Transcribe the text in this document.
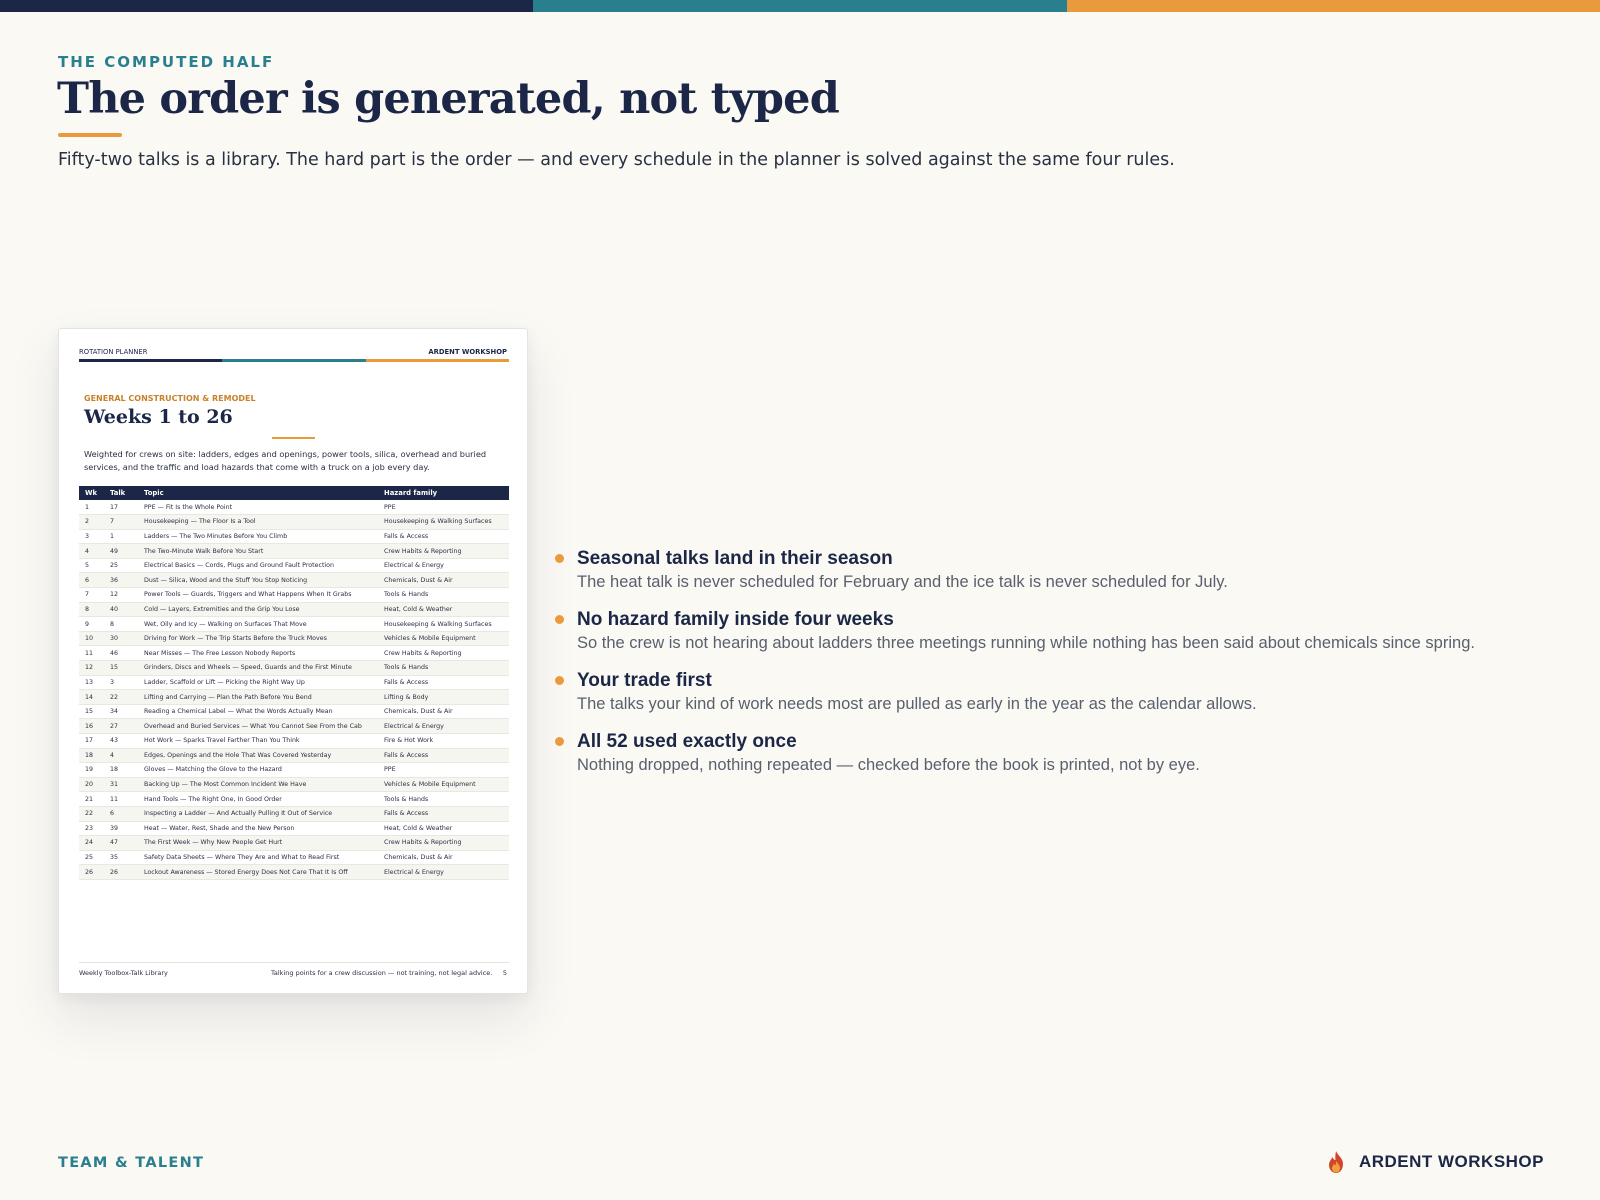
THE COMPUTED HALF
The order is generated, not typed
Fifty-two talks is a library. The hard part is the order — and every schedule in the planner is solved against the same four rules.
ROTATION PLANNER	ARDENT WORKSHOP
GENERAL CONSTRUCTION & REMODEL
Weeks 1 to 26
Weighted for crews on site: ladders, edges and openings, power tools, silica, overhead and buried services, and the traffic and load hazards that come with a truck on a job every day.
Wk	Talk	Topic	Hazard family
1	17	PPE — Fit Is the Whole Point	PPE
2	7	Housekeeping — The Floor Is a Tool	Housekeeping & Walking Surfaces
3	1	Ladders — The Two Minutes Before You Climb	Falls & Access
4	49	The Two-Minute Walk Before You Start	Crew Habits & Reporting
5	25	Electrical Basics — Cords, Plugs and Ground Fault Protection	Electrical & Energy
6	36	Dust — Silica, Wood and the Stuff You Stop Noticing	Chemicals, Dust & Air
7	12	Power Tools — Guards, Triggers and What Happens When It Grabs	Tools & Hands
8	40	Cold — Layers, Extremities and the Grip You Lose	Heat, Cold & Weather
9	8	Wet, Oily and Icy — Walking on Surfaces That Move	Housekeeping & Walking Surfaces
10	30	Driving for Work — The Trip Starts Before the Truck Moves	Vehicles & Mobile Equipment
11	46	Near Misses — The Free Lesson Nobody Reports	Crew Habits & Reporting
12	15	Grinders, Discs and Wheels — Speed, Guards and the First Minute	Tools & Hands
13	3	Ladder, Scaffold or Lift — Picking the Right Way Up	Falls & Access
14	22	Lifting and Carrying — Plan the Path Before You Bend	Lifting & Body
15	34	Reading a Chemical Label — What the Words Actually Mean	Chemicals, Dust & Air
16	27	Overhead and Buried Services — What You Cannot See From the Cab	Electrical & Energy
17	43	Hot Work — Sparks Travel Farther Than You Think	Fire & Hot Work
18	4	Edges, Openings and the Hole That Was Covered Yesterday	Falls & Access
19	18	Gloves — Matching the Glove to the Hazard	PPE
20	31	Backing Up — The Most Common Incident We Have	Vehicles & Mobile Equipment
21	11	Hand Tools — The Right One, In Good Order	Tools & Hands
22	6	Inspecting a Ladder — And Actually Pulling It Out of Service	Falls & Access
23	39	Heat — Water, Rest, Shade and the New Person	Heat, Cold & Weather
24	47	The First Week — Why New People Get Hurt	Crew Habits & Reporting
25	35	Safety Data Sheets — Where They Are and What to Read First	Chemicals, Dust & Air
26	26	Lockout Awareness — Stored Energy Does Not Care That It Is Off	Electrical & Energy
Weekly Toolbox-Talk Library	Talking points for a crew discussion — not training, not legal advice. 5
Seasonal talks land in their season
The heat talk is never scheduled for February and the ice talk is never scheduled for July.
No hazard family inside four weeks
So the crew is not hearing about ladders three meetings running while nothing has been said about chemicals since spring.
Your trade first
The talks your kind of work needs most are pulled as early in the year as the calendar allows.
All 52 used exactly once
Nothing dropped, nothing repeated — checked before the book is printed, not by eye.
TEAM & TALENT	ARDENT WORKSHOP
